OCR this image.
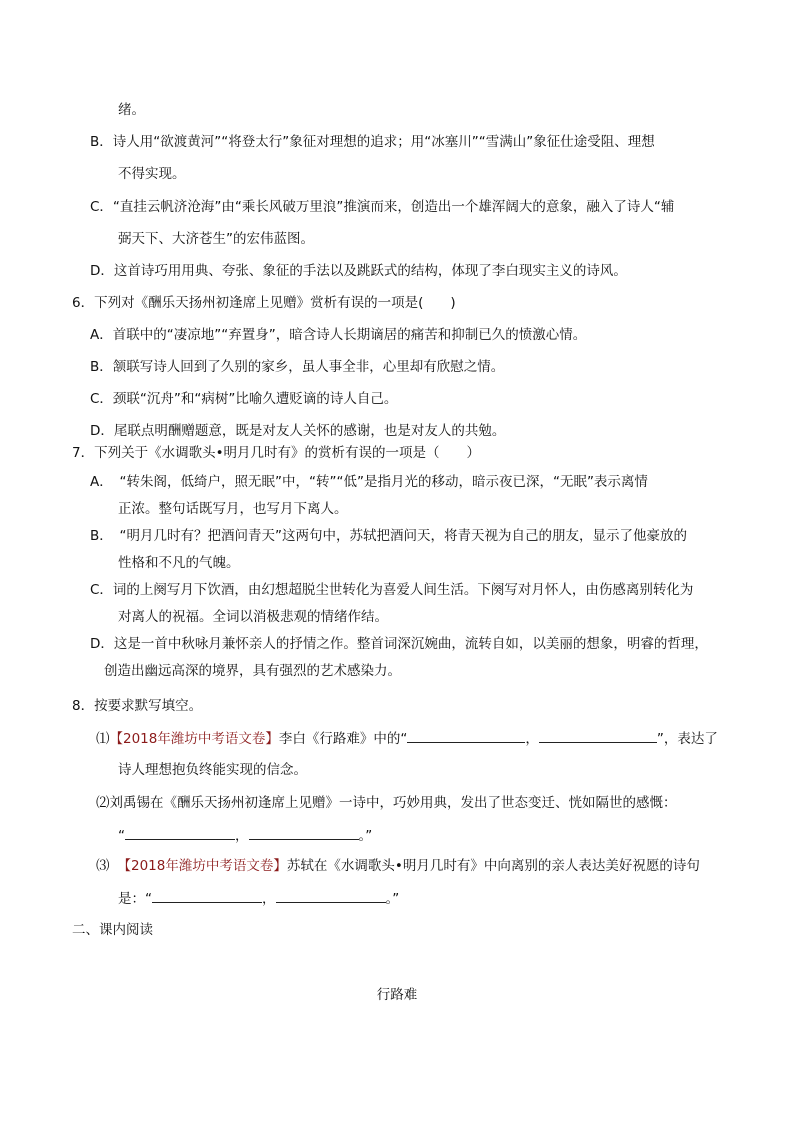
绪。
B．诗人用“欲渡黄河”“将登太行”象征对理想的追求；用“冰塞川”“雪满山”象征仕途受阻、理想
不得实现。
C．“直挂云帆济沧海”由“乘长风破万里浪”推演而来，创造出一个雄浑阔大的意象，融入了诗人“辅
弼天下、大济苍生”的宏伟蓝图。
D．这首诗巧用用典、夸张、象征的手法以及跳跃式的结构，体现了李白现实主义的诗风。
6．下列对《酬乐天扬州初逢席上见赠》赏析有误的一项是(　　)
A．首联中的“凄凉地”“弃置身”，暗含诗人长期谪居的痛苦和抑制已久的愤激心情。
B．颔联写诗人回到了久别的家乡，虽人事全非，心里却有欣慰之情。
C．颈联“沉舟”和“病树”比喻久遭贬谪的诗人自己。
D．尾联点明酬赠题意，既是对友人关怀的感谢，也是对友人的共勉。
7．下列关于《水调歌头•明月几时有》的赏析有误的一项是（　　）
A．　“转朱阁，低绮户，照无眠”中，“转”“低”是指月光的移动，暗示夜已深，“无眠”表示离情
正浓。整句话既写月，也写月下离人。
B．　“明月几时有？把酒问青天”这两句中，苏轼把酒问天，将青天视为自己的朋友，显示了他豪放的
性格和不凡的气魄。
C．词的上阕写月下饮酒，由幻想超脱尘世转化为喜爱人间生活。下阕写对月怀人，由伤感离别转化为
对离人的祝福。全词以消极悲观的情绪作结。
D．这是一首中秋咏月兼怀亲人的抒情之作。整首词深沉婉曲，流转自如，以美丽的想象，明睿的哲理，
创造出幽远高深的境界，具有强烈的艺术感染力。
8．按要求默写填空。
⑴【2018年潍坊中考语文卷】李白《行路难》中的“	，	”，表达了
诗人理想抱负终能实现的信念。
⑵刘禹锡在《酬乐天扬州初逢席上见赠》一诗中，巧妙用典，发出了世态变迁、恍如隔世的感慨：
“	，	。”
⑶ 【2018年潍坊中考语文卷】苏轼在《水调歌头•明月几时有》中向离别的亲人表达美好祝愿的诗句
是：“	，	。”
二、课内阅读
行路难
